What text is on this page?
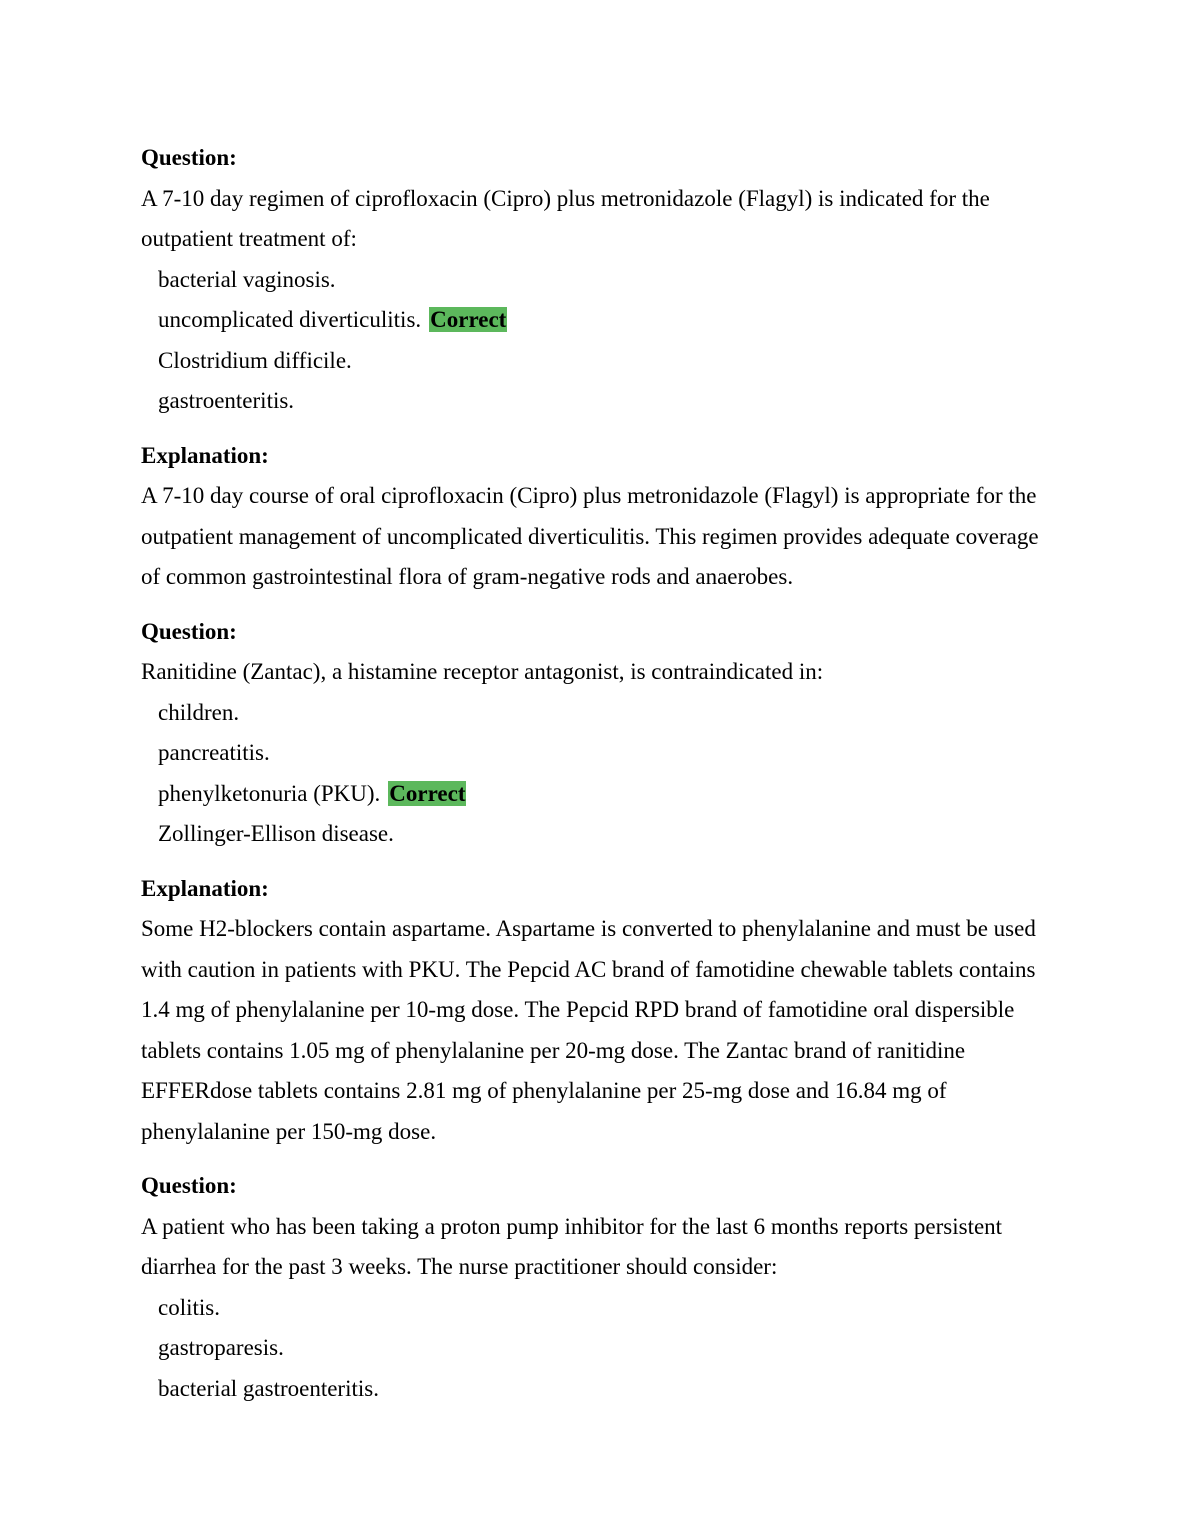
Question:

A 7-10 day regimen of ciprofloxacin (Cipro) plus metronidazole (Flagyl) is indicated for the outpatient treatment of:

bacterial vaginosis.

uncomplicated diverticulitis. Correct

Clostridium difficile.

gastroenteritis.

Explanation:

A 7-10 day course of oral ciprofloxacin (Cipro) plus metronidazole (Flagyl) is appropriate for the outpatient management of uncomplicated diverticulitis. This regimen provides adequate coverage of common gastrointestinal flora of gram-negative rods and anaerobes.

Question:

Ranitidine (Zantac), a histamine receptor antagonist, is contraindicated in:

children.

pancreatitis.

phenylketonuria (PKU). Correct

Zollinger-Ellison disease.

Explanation:

Some H2-blockers contain aspartame. Aspartame is converted to phenylalanine and must be used with caution in patients with PKU. The Pepcid AC brand of famotidine chewable tablets contains 1.4 mg of phenylalanine per 10-mg dose. The Pepcid RPD brand of famotidine oral dispersible tablets contains 1.05 mg of phenylalanine per 20-mg dose. The Zantac brand of ranitidine EFFERdose tablets contains 2.81 mg of phenylalanine per 25-mg dose and 16.84 mg of phenylalanine per 150-mg dose.

Question:

A patient who has been taking a proton pump inhibitor for the last 6 months reports persistent diarrhea for the past 3 weeks. The nurse practitioner should consider:

colitis.

gastroparesis.

bacterial gastroenteritis.
